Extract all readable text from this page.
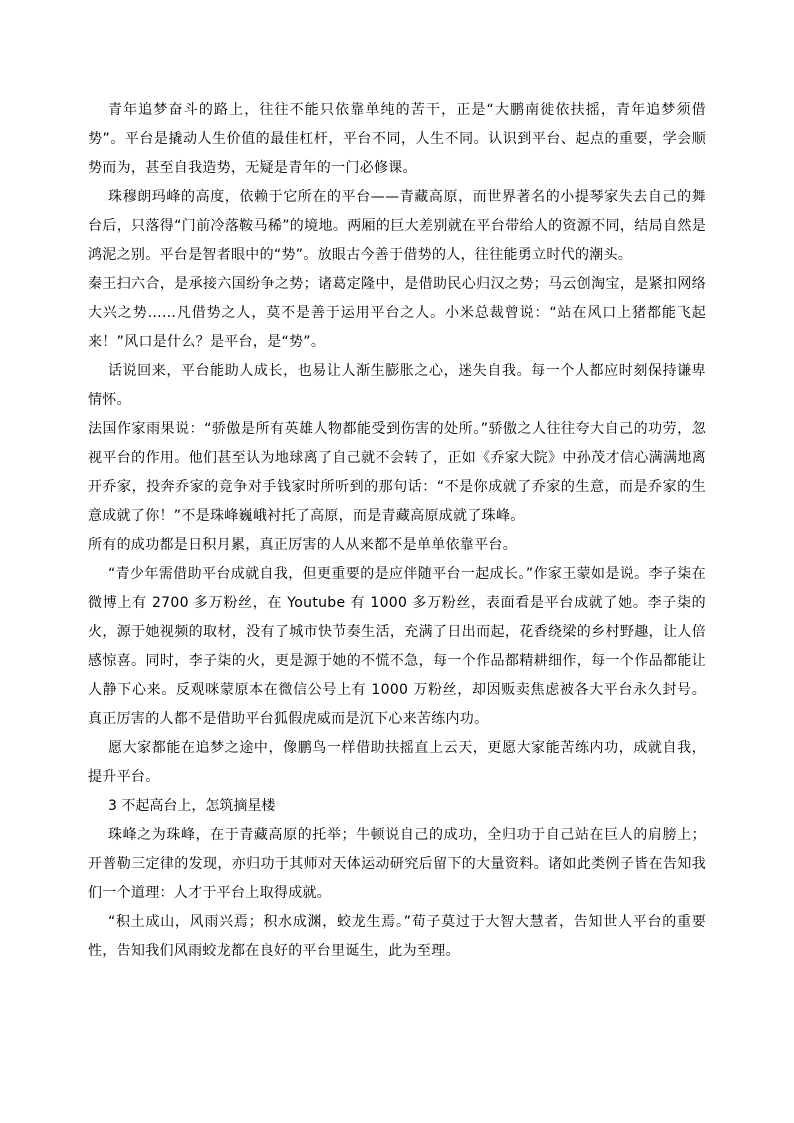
青年追梦奋斗的路上，往往不能只依靠单纯的苦干，正是“大鹏南徙依扶摇，青年追梦须借势”。平台是撬动人生价值的最佳杠杆，平台不同，人生不同。认识到平台、起点的重要，学会顺势而为，甚至自我造势，无疑是青年的一门必修课。

珠穆朗玛峰的高度，依赖于它所在的平台——青藏高原，而世界著名的小提琴家失去自己的舞台后，只落得“门前冷落鞍马稀”的境地。两厢的巨大差别就在平台带给人的资源不同，结局自然是鸿泥之别。平台是智者眼中的“势”。放眼古今善于借势的人，往往能勇立时代的潮头。

秦王扫六合，是承接六国纷争之势；诸葛定隆中，是借助民心归汉之势；马云创淘宝，是紧扣网络大兴之势……凡借势之人，莫不是善于运用平台之人。小米总裁曾说：“站在风口上猪都能飞起来！”风口是什么？是平台，是“势”。

话说回来，平台能助人成长，也易让人渐生膨胀之心，迷失自我。每一个人都应时刻保持谦卑情怀。

法国作家雨果说：“骄傲是所有英雄人物都能受到伤害的处所。”骄傲之人往往夸大自己的功劳，忽视平台的作用。他们甚至认为地球离了自己就不会转了，正如《乔家大院》中孙茂才信心满满地离开乔家，投奔乔家的竞争对手钱家时所听到的那句话：“不是你成就了乔家的生意，而是乔家的生意成就了你！”不是珠峰巍峨衬托了高原，而是青藏高原成就了珠峰。

所有的成功都是日积月累，真正厉害的人从来都不是单单依靠平台。

“青少年需借助平台成就自我，但更重要的是应伴随平台一起成长。”作家王蒙如是说。李子柒在微博上有 2700 多万粉丝，在 Youtube 有 1000 多万粉丝，表面看是平台成就了她。李子柒的火，源于她视频的取材，没有了城市快节奏生活，充满了日出而起，花香绕梁的乡村野趣，让人倍感惊喜。同时，李子柒的火，更是源于她的不慌不急，每一个作品都精耕细作，每一个作品都能让人静下心来。反观咪蒙原本在微信公号上有 1000 万粉丝，却因贩卖焦虑被各大平台永久封号。真正厉害的人都不是借助平台狐假虎威而是沉下心来苦练内功。

愿大家都能在追梦之途中，像鹏鸟一样借助扶摇直上云天，更愿大家能苦练内功，成就自我，提升平台。

3 不起高台上，怎筑摘星楼

珠峰之为珠峰，在于青藏高原的托举；牛顿说自己的成功，全归功于自己站在巨人的肩膀上；开普勒三定律的发现，亦归功于其师对天体运动研究后留下的大量资料。诸如此类例子皆在告知我们一个道理：人才于平台上取得成就。

“积土成山，风雨兴焉；积水成渊，蛟龙生焉。”荀子莫过于大智大慧者，告知世人平台的重要性，告知我们风雨蛟龙都在良好的平台里诞生，此为至理。
